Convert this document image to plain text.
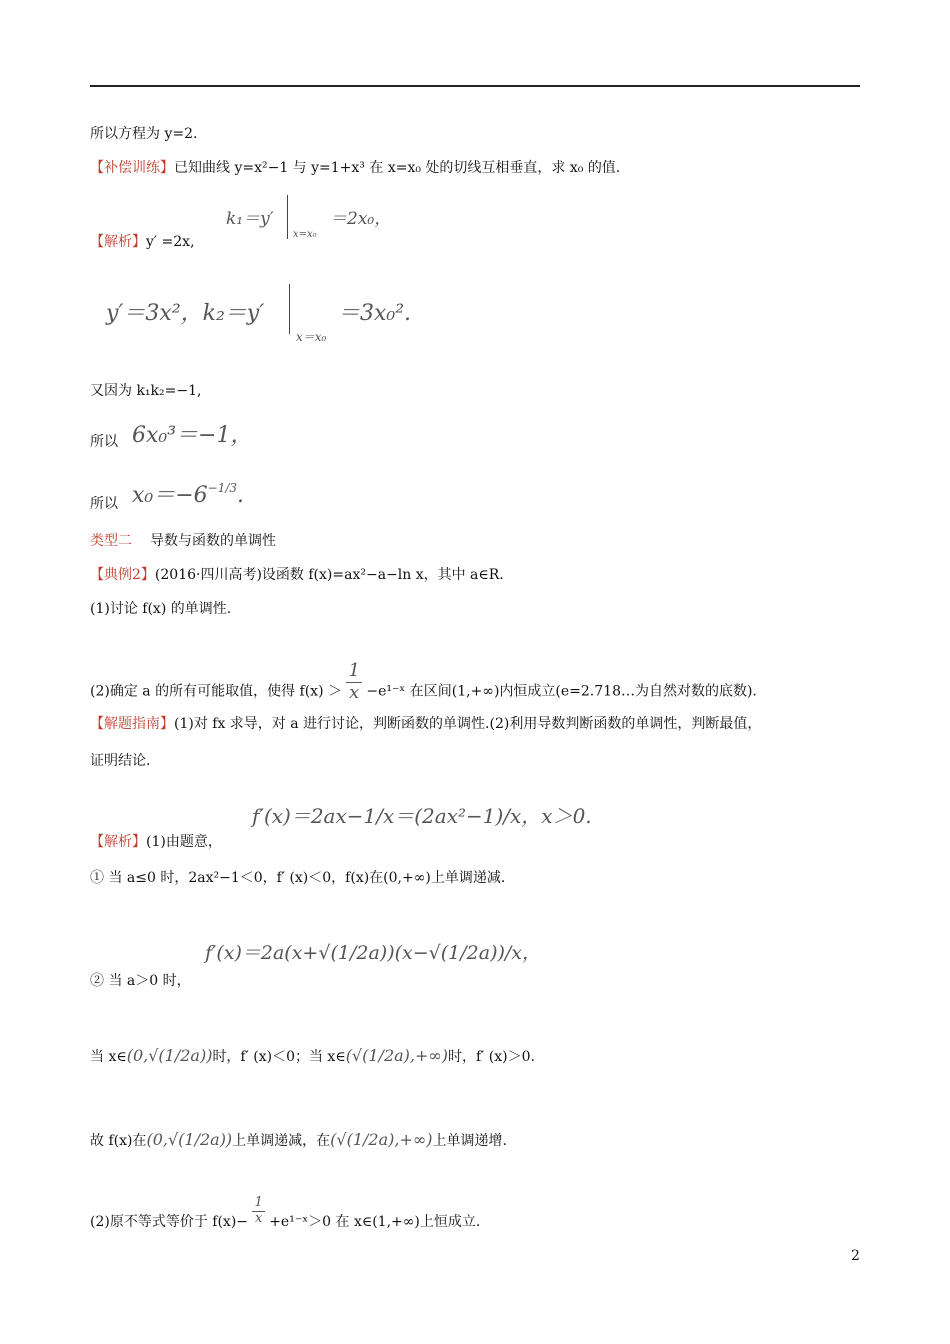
所以方程为 y=2.
【补偿训练】已知曲线 y=x²−1 与 y=1+x³ 在 x=x₀ 处的切线互相垂直，求 x₀ 的值.
k₁＝y′
x=x₀
＝2x₀，
【解析】y′ =2x,
y′＝3x²，k₂＝y′
x＝x₀
＝3x₀².
又因为 k₁k₂=−1,
所以 6x₀³＝−1，
所以 $x_0=-6^{-1/3}$.
类型二 导数与函数的单调性
【典例2】(2016·四川高考)设函数 f(x)=ax²−a−ln x，其中 a∈R.
(1)讨论 f(x) 的单调性.
(2)确定 a 的所有可能取值，使得 $f(x) > \frac{1}{x}$ −e¹⁻ˣ 在区间(1,+∞)内恒成立(e=2.718…为自然对数的底数).
【解题指南】(1)对 fx 求导，对 a 进行讨论，判断函数的单调性.(2)利用导数判断函数的单调性，判断最值，
证明结论.
f′(x)＝2ax−1/x＝(2ax²−1)/x，x＞0.
【解析】(1)由题意，
① 当 a≤0 时，2ax²−1＜0，f′ (x)＜0，f(x)在(0,+∞)上单调递减.
f′(x)＝2a(x+√(1/2a))(x−√(1/2a))/x，
② 当 a＞0 时，
当 x∈(0,√(1/2a))时，f′ (x)＜0；当 x∈(√(1/2a),+∞)时，f′ (x)＞0.
故 f(x)在(0,√(1/2a))上单调递减，在(√(1/2a),+∞)上单调递增.
(2)原不等式等价于 $f(x)- \frac{1}{x}$ +e¹⁻ˣ＞0 在 x∈(1,+∞)上恒成立.
2
